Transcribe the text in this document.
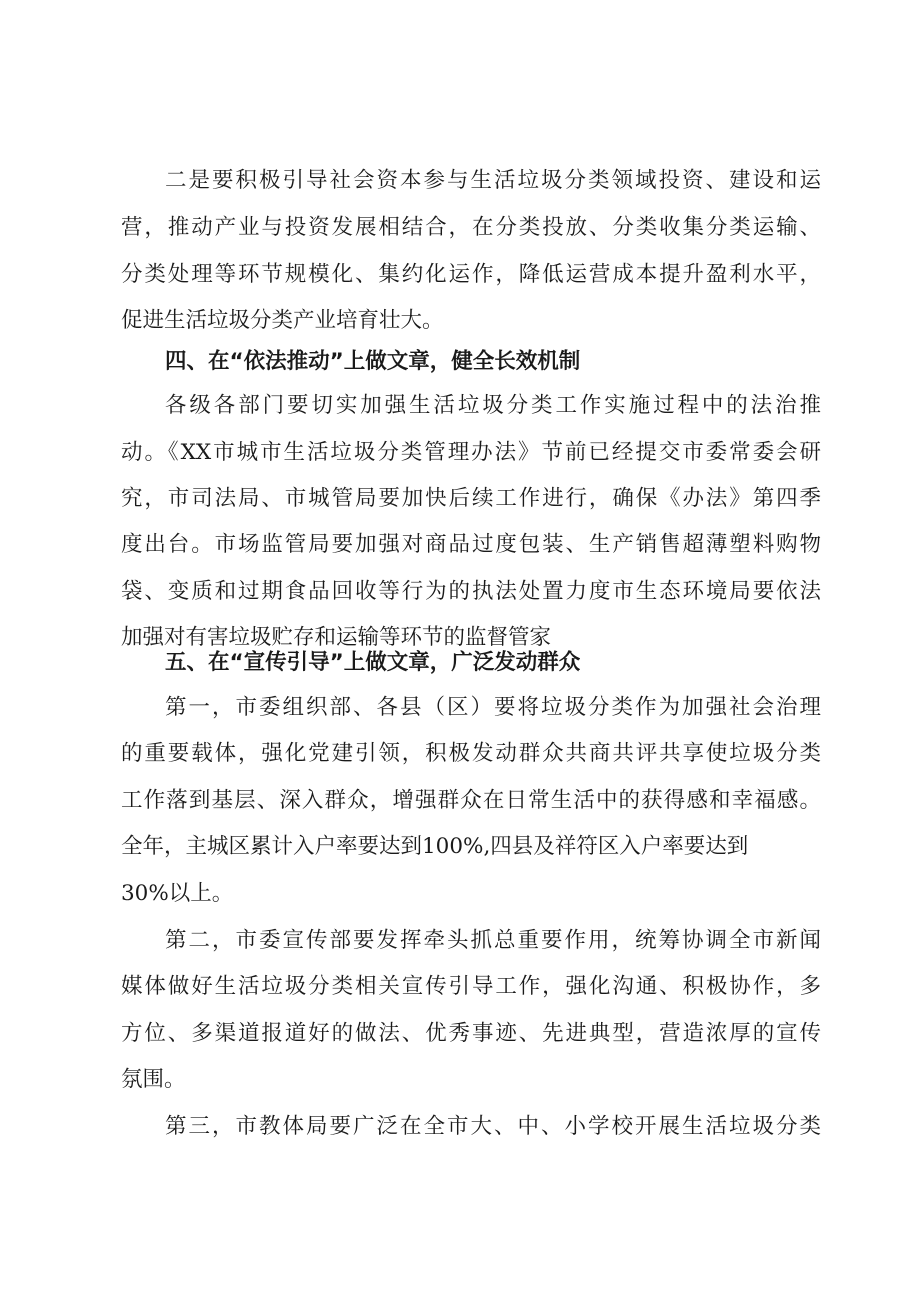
二是要积极引导社会资本参与生活垃圾分类领域投资、建设和运
营，推动产业与投资发展相结合，在分类投放、分类收集分类运输、
分类处理等环节规模化、集约化运作，降低运营成本提升盈利水平，
促进生活垃圾分类产业培育壮大。
四、在“依法推动”上做文章，健全长效机制
各级各部门要切实加强生活垃圾分类工作实施过程中的法治推
动。《XX市城市生活垃圾分类管理办法》节前已经提交市委常委会研
究，市司法局、市城管局要加快后续工作进行，确保《办法》第四季
度出台。市场监管局要加强对商品过度包装、生产销售超薄塑料购物
袋、变质和过期食品回收等行为的执法处置力度市生态环境局要依法
加强对有害垃圾贮存和运输等环节的监督管家
五、在“宣传引导”上做文章，广泛发动群众
第一，市委组织部、各县（区）要将垃圾分类作为加强社会治理
的重要载体，强化党建引领，积极发动群众共商共评共享使垃圾分类
工作落到基层、深入群众，增强群众在日常生活中的获得感和幸福感。
全年，主城区累计入户率要达到100%,四县及祥符区入户率要达到
30%以上。
第二，市委宣传部要发挥牵头抓总重要作用，统筹协调全市新闻
媒体做好生活垃圾分类相关宣传引导工作，强化沟通、积极协作，多
方位、多渠道报道好的做法、优秀事迹、先进典型，营造浓厚的宣传
氛围。
第三，市教体局要广泛在全市大、中、小学校开展生活垃圾分类
